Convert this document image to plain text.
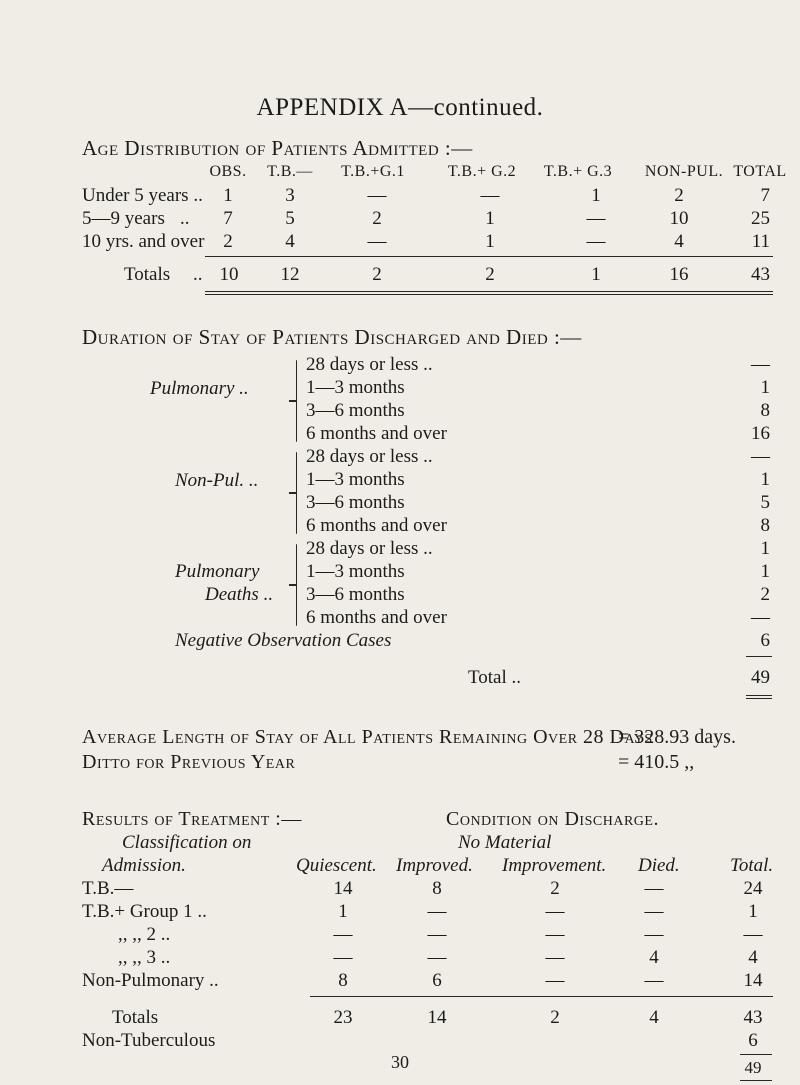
APPENDIX A—continued.
Age Distribution of Patients Admitted :—
OBS.	T.B.—	T.B.+G.1	T.B.+ G.2	T.B.+ G.3	NON-PUL. TOTAL
Under 5 years .. 1	3	—	—	1	2	7
5—9 years .. 7	5	2	1	—	10	25
10 yrs. and over 2	4	—	1	—	4	11
Totals .. 10 12	2	2	1	16	43
Duration of Stay of Patients Discharged and Died :—
Pulmonary ..
28 days or less ..	—
1—3 months	1
3—6 months	8
6 months and over	16
Non-Pul. ..
28 days or less ..	—
1—3 months	1
3—6 months	5
6 months and over	8
Pulmonary
Deaths ..
28 days or less ..	1
1—3 months	1
3—6 months	2
6 months and over	—
Negative Observation Cases	6
Total ..	49
Average Length of Stay of All Patients Remaining Over 28 Days
= 328.93 days.
Ditto for Previous Year	= 410.5 ,,
Results of Treatment :—	Condition on Discharge.
Classification on	No Material
Admission.	Quiescent. Improved. Improvement. Died.	Total.
T.B.—	14	8	2	—	24
T.B.+ Group 1 ..	1	—	—	—	1
,, ,, 2 ..	—	—	—	—	—
,, ,, 3 ..	—	—	—	4	4
Non-Pulmonary ..	8	6	—	—	14
Totals	23	14	2	4	43
Non-Tuberculous	6
49
30
